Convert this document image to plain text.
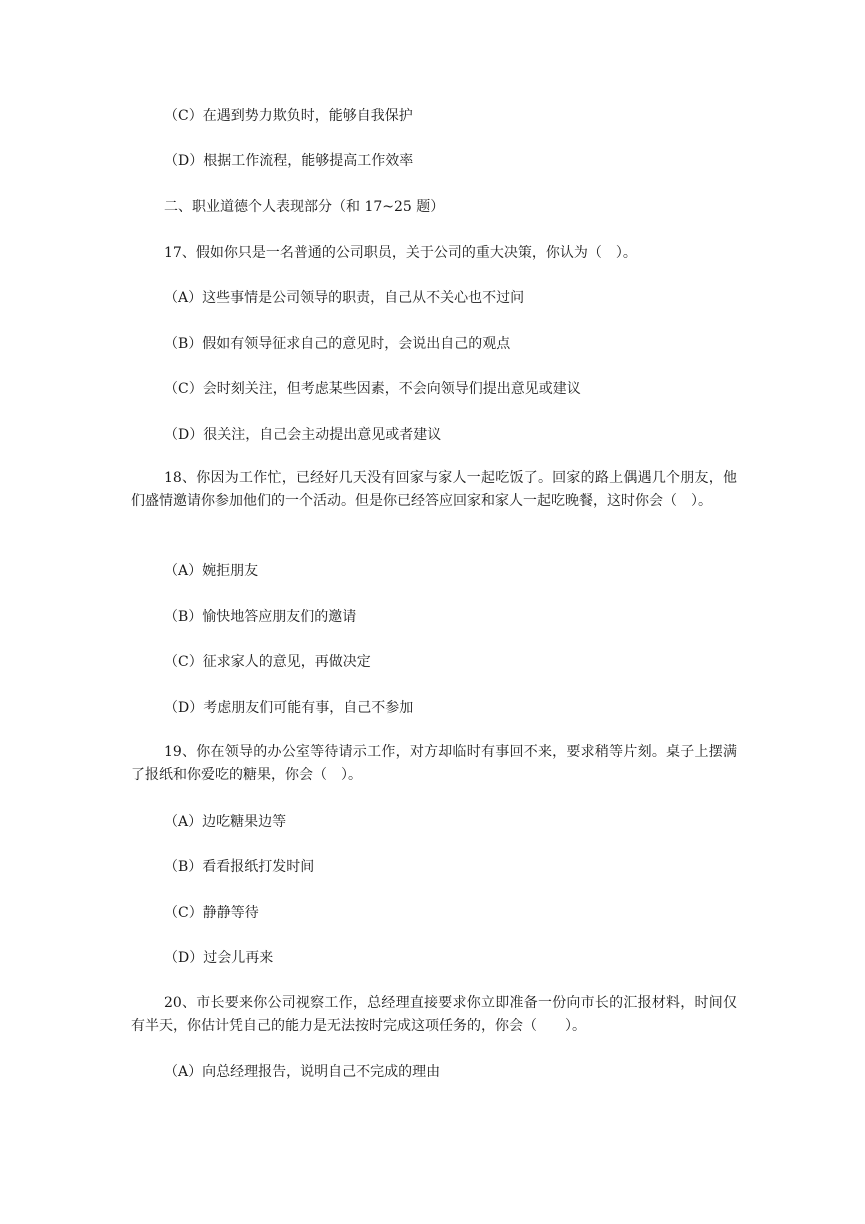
（C）在遇到势力欺负时，能够自我保护
（D）根据工作流程，能够提高工作效率
二、职业道德个人表现部分（和 17~25 题）
17、假如你只是一名普通的公司职员，关于公司的重大决策，你认为（　）。
（A）这些事情是公司领导的职责，自己从不关心也不过问
（B）假如有领导征求自己的意见时，会说出自己的观点
（C）会时刻关注，但考虑某些因素，不会向领导们提出意见或建议
（D）很关注，自己会主动提出意见或者建议
18、你因为工作忙，已经好几天没有回家与家人一起吃饭了。回家的路上偶遇几个朋友，他们盛情邀请你参加他们的一个活动。但是你已经答应回家和家人一起吃晚餐，这时你会（　）。
（A）婉拒朋友
（B）愉快地答应朋友们的邀请
（C）征求家人的意见，再做决定
（D）考虑朋友们可能有事，自己不参加
19、你在领导的办公室等待请示工作，对方却临时有事回不来，要求稍等片刻。桌子上摆满了报纸和你爱吃的糖果，你会（　）。
（A）边吃糖果边等
（B）看看报纸打发时间
（C）静静等待
（D）过会儿再来
20、市长要来你公司视察工作，总经理直接要求你立即准备一份向市长的汇报材料，时间仅有半天，你估计凭自己的能力是无法按时完成这项任务的，你会（　　）。
（A）向总经理报告，说明自己不完成的理由
